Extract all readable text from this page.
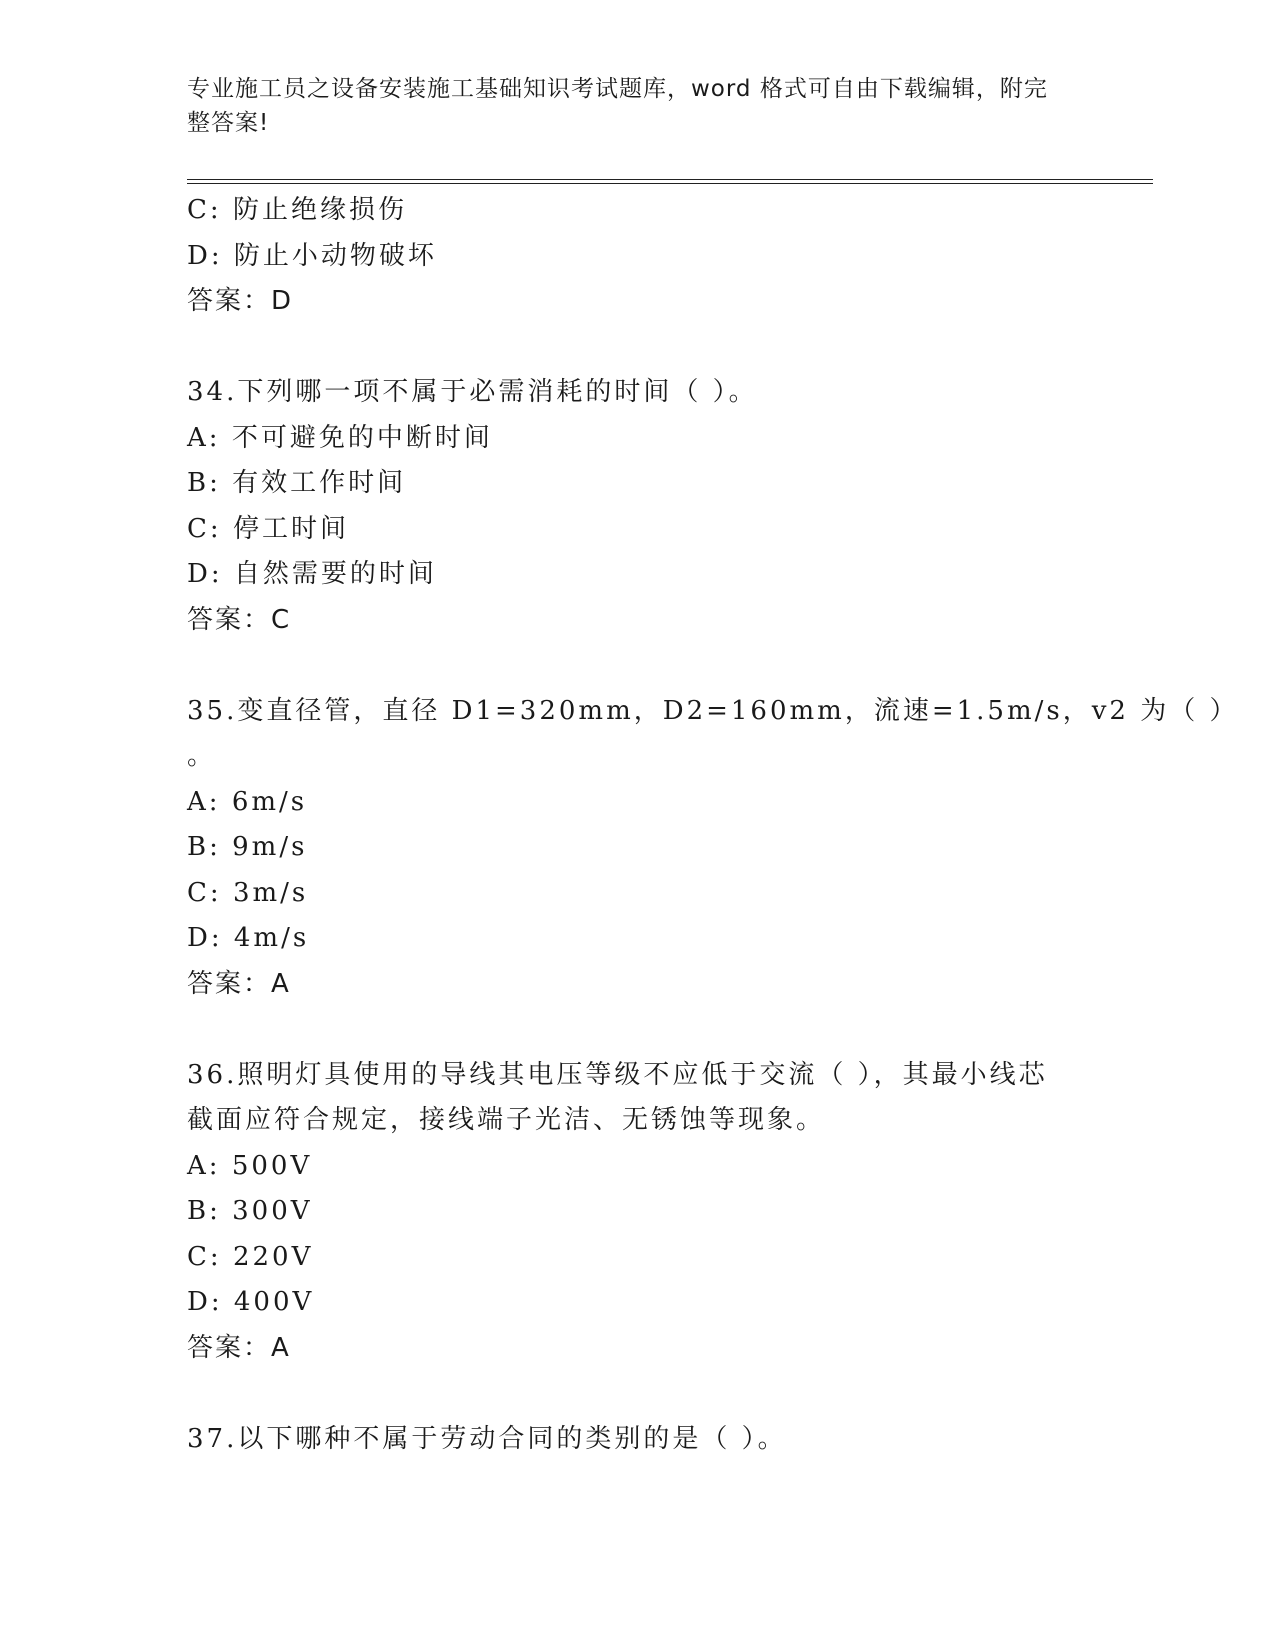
专业施工员之设备安装施工基础知识考试题库，word 格式可自由下载编辑，附完
整答案!
C: 防止绝缘损伤
D: 防止小动物破坏
答案：D
34.下列哪一项不属于必需消耗的时间（ ）。
A: 不可避免的中断时间
B: 有效工作时间
C: 停工时间
D: 自然需要的时间
答案：C
35.变直径管，直径 D1=320mm，D2=160mm，流速=1.5m/s，v2 为（ ）
。
A: 6m/s
B: 9m/s
C: 3m/s
D: 4m/s
答案：A
36.照明灯具使用的导线其电压等级不应低于交流（ ），其最小线芯
截面应符合规定，接线端子光洁、无锈蚀等现象。
A: 500V
B: 300V
C: 220V
D: 400V
答案：A
37.以下哪种不属于劳动合同的类别的是（ ）。
